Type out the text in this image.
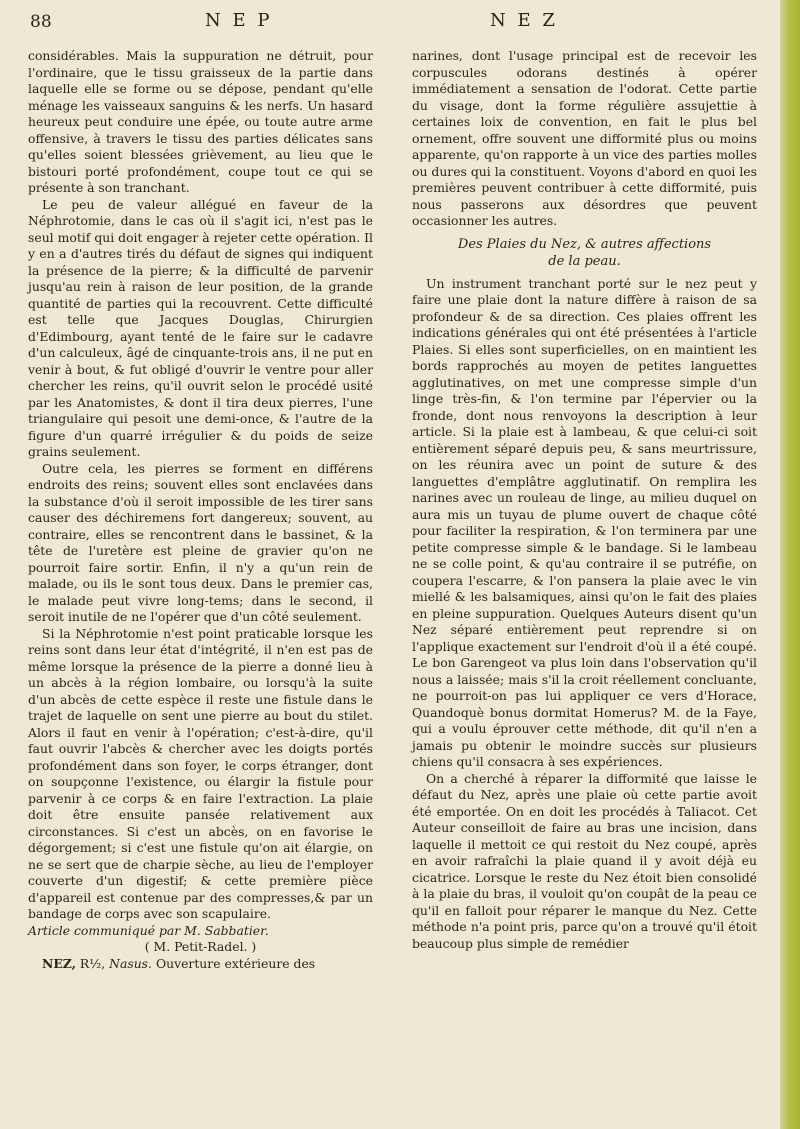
88	N E P	N E Z

considérables. Mais la suppuration ne détruit, pour l'ordinaire, que le tissu graisseux de la partie dans laquelle elle se forme ou se dépose, pendant qu'elle ménage les vaisseaux sanguins & les nerfs. Un hasard heureux peut conduire une épée, ou toute autre arme offensive, à travers le tissu des parties délicates sans qu'elles soient blessées grièvement, au lieu que le bistouri porté profondément, coupe tout ce qui se présente à son tranchant.

Le peu de valeur allégué en faveur de la Néphrotomie, dans le cas où il s'agit ici, n'est pas le seul motif qui doit engager à rejeter cette opération. Il y en a d'autres tirés du défaut de signes qui indiquent la présence de la pierre; & la difficulté de parvenir jusqu'au rein à raison de leur position, de la grande quantité de parties qui la recouvrent. Cette difficulté est telle que Jacques Douglas, Chirurgien d'Edimbourg, ayant tenté de le faire sur le cadavre d'un calculeux, âgé de cinquante-trois ans, il ne put en venir à bout, & fut obligé d'ouvrir le ventre pour aller chercher les reins, qu'il ouvrit selon le procédé usité par les Anatomistes, & dont il tira deux pierres, l'une triangulaire qui pesoit une demi-once, & l'autre de la figure d'un quarré irrégulier & du poids de seize grains seulement.

Outre cela, les pierres se forment en différens endroits des reins; souvent elles sont enclavées dans la substance d'où il seroit impossible de les tirer sans causer des déchiremens fort dangereux; souvent, au contraire, elles se rencontrent dans le bassinet, & la tête de l'uretère est pleine de gravier qu'on ne pourroit faire sortir. Enfin, il n'y a qu'un rein de malade, ou ils le sont tous deux. Dans le premier cas, le malade peut vivre long-tems; dans le second, il seroit inutile de ne l'opérer que d'un côté seulement.

Si la Néphrotomie n'est point praticable lorsque les reins sont dans leur état d'intégrité, il n'en est pas de même lorsque la présence de la pierre a donné lieu à un abcès à la région lombaire, ou lorsqu'à la suite d'un abcès de cette espèce il reste une fistule dans le trajet de laquelle on sent une pierre au bout du stilet. Alors il faut en venir à l'opération; c'est-à-dire, qu'il faut ouvrir l'abcès & chercher avec les doigts portés profondément dans son foyer, le corps étranger, dont on soupçonne l'existence, ou élargir la fistule pour parvenir à ce corps & en faire l'extraction. La plaie doit être ensuite pansée relativement aux circonstances. Si c'est un abcès, on en favorise le dégorgement; si c'est une fistule qu'on ait élargie, on ne se sert que de charpie sèche, au lieu de l'employer couverte d'un digestif; & cette première pièce d'appareil est contenue par des compresses,& par un bandage de corps avec son scapulaire.

Article communiqué par M. Sabbatier.

( M. Petit-Radel. )

NEZ, R½, Nasus. Ouverture extérieure des

narines, dont l'usage principal est de recevoir les corpuscules odorans destinés à opérer immédiatement a sensation de l'odorat. Cette partie du visage, dont la forme régulière assujettie à certaines loix de convention, en fait le plus bel ornement, offre souvent une difformité plus ou moins apparente, qu'on rapporte à un vice des parties molles ou dures qui la constituent. Voyons d'abord en quoi les premières peuvent contribuer à cette difformité, puis nous passerons aux désordres que peuvent occasionner les autres.

Des Plaies du Nez, & autres affections
de la peau.

Un instrument tranchant porté sur le nez peut y faire une plaie dont la nature diffère à raison de sa profondeur & de sa direction. Ces plaies offrent les indications générales qui ont été présentées à l'article Plaies. Si elles sont superficielles, on en maintient les bords rapprochés au moyen de petites languettes agglutinatives, on met une compresse simple d'un linge très-fin, & l'on termine par l'épervier ou la fronde, dont nous renvoyons la description à leur article. Si la plaie est à lambeau, & que celui-ci soit entièrement séparé depuis peu, & sans meurtrissure, on les réunira avec un point de suture & des languettes d'emplâtre agglutinatif. On remplira les narines avec un rouleau de linge, au milieu duquel on aura mis un tuyau de plume ouvert de chaque côté pour faciliter la respiration, & l'on terminera par une petite compresse simple & le bandage. Si le lambeau ne se colle point, & qu'au contraire il se putréfie, on coupera l'escarre, & l'on pansera la plaie avec le vin miellé & les balsamiques, ainsi qu'on le fait des plaies en pleine suppuration. Quelques Auteurs disent qu'un Nez séparé entièrement peut reprendre si on l'applique exactement sur l'endroit d'où il a été coupé. Le bon Garengeot va plus loin dans l'observation qu'il nous a laissée; mais s'il la croit réellement concluante, ne pourroit-on pas lui appliquer ce vers d'Horace, Quandoquè bonus dormitat Homerus? M. de la Faye, qui a voulu éprouver cette méthode, dit qu'il n'en a jamais pu obtenir le moindre succès sur plusieurs chiens qu'il consacra à ses expériences.

On a cherché à réparer la difformité que laisse le défaut du Nez, après une plaie où cette partie avoit été emportée. On en doit les procédés à Taliacot. Cet Auteur conseilloit de faire au bras une incision, dans laquelle il mettoit ce qui restoit du Nez coupé, après en avoir rafraîchi la plaie quand il y avoit déjà eu cicatrice. Lorsque le reste du Nez étoit bien consolidé à la plaie du bras, il vouloit qu'on coupât de la peau ce qu'il en falloit pour réparer le manque du Nez. Cette méthode n'a point pris, parce qu'on a trouvé qu'il étoit beaucoup plus simple de remédier
